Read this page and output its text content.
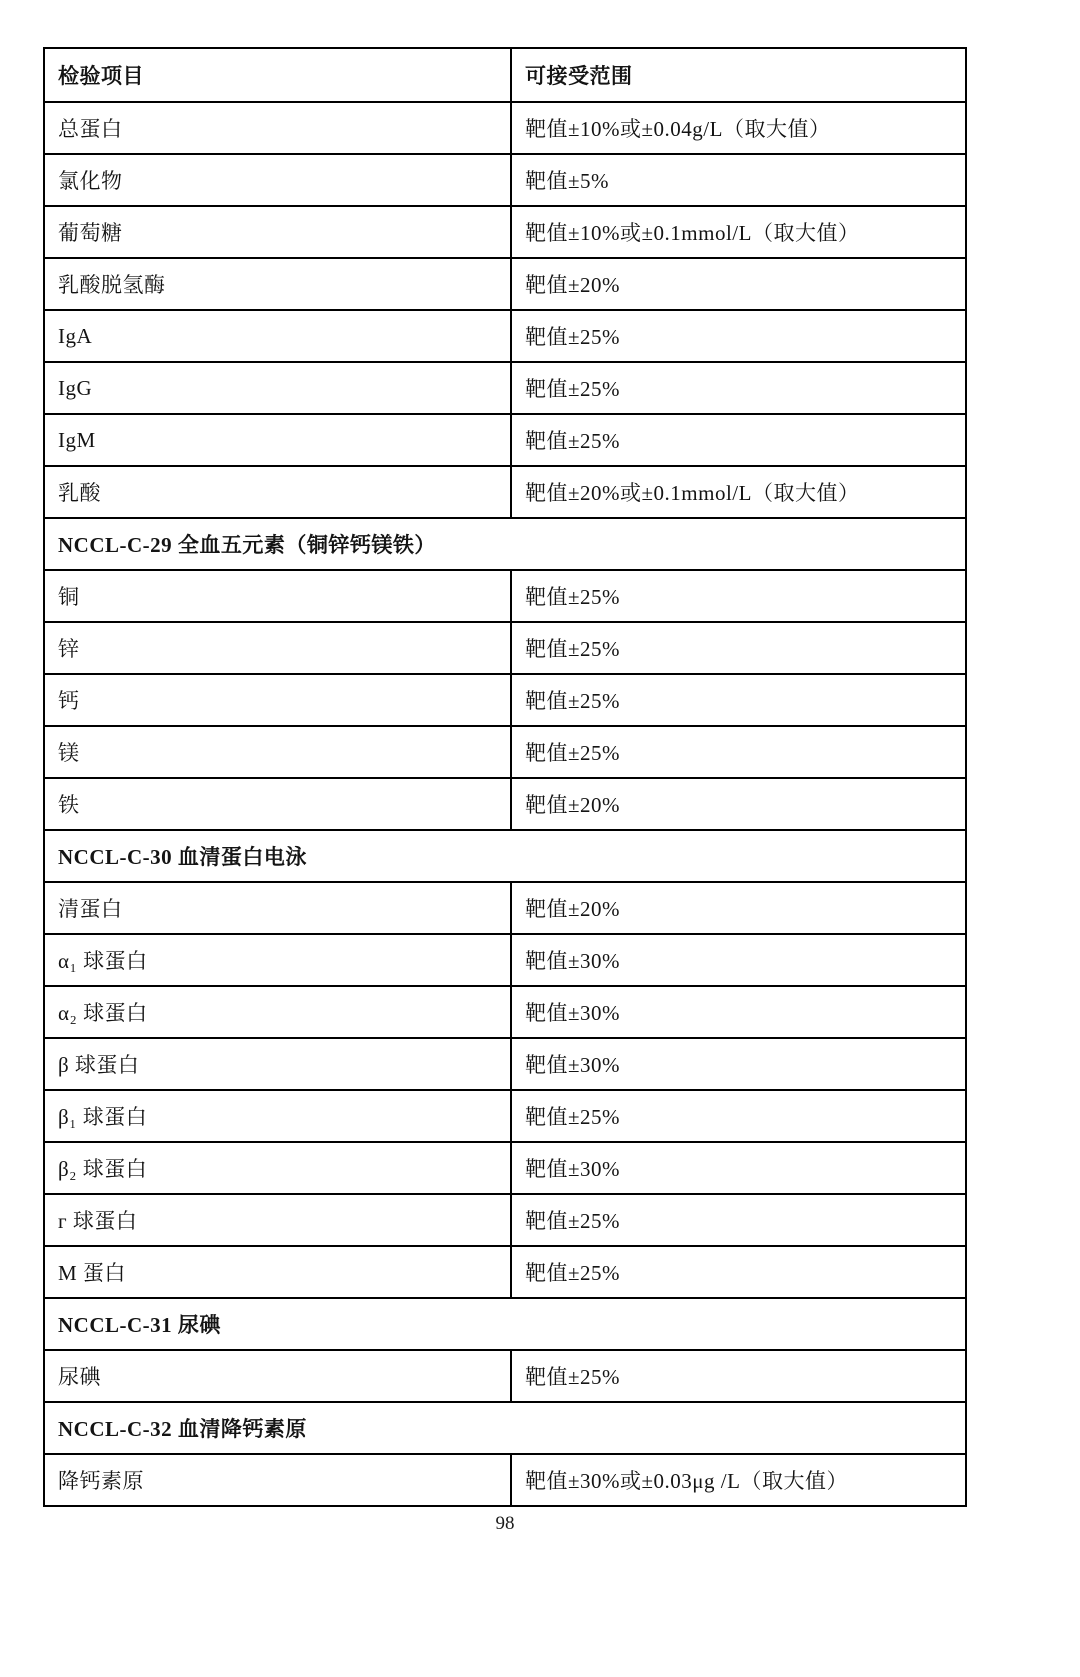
检验项目	可接受范围
总蛋白	靶值±10%或±0.04g/L（取大值）
氯化物	靶值±5%
葡萄糖	靶值±10%或±0.1mmol/L（取大值）
乳酸脱氢酶	靶值±20%
IgA	靶值±25%
IgG	靶值±25%
IgM	靶值±25%
乳酸	靶值±20%或±0.1mmol/L（取大值）
NCCL-C-29 全血五元素（铜锌钙镁铁）
铜	靶值±25%
锌	靶值±25%
钙	靶值±25%
镁	靶值±25%
铁	靶值±20%
NCCL-C-30 血清蛋白电泳
清蛋白	靶值±20%
α₁ 球蛋白	靶值±30%
α₂ 球蛋白	靶值±30%
β 球蛋白	靶值±30%
β₁ 球蛋白	靶值±25%
β₂ 球蛋白	靶值±30%
г 球蛋白	靶值±25%
M 蛋白	靶值±25%
NCCL-C-31 尿碘
尿碘	靶值±25%
NCCL-C-32 血清降钙素原
降钙素原	靶值±30%或±0.03μg /L（取大值）
98
